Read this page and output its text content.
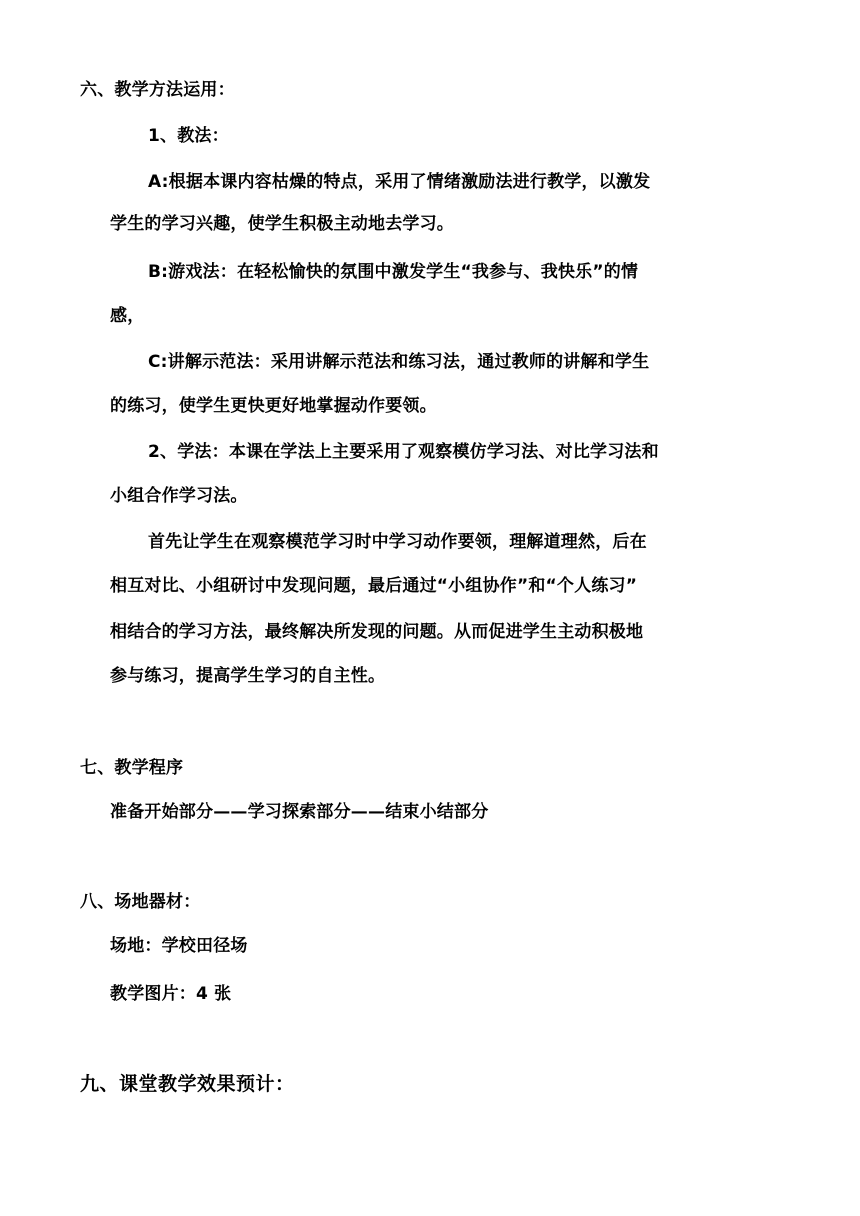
六、教学方法运用：
1、教法：
A:根据本课内容枯燥的特点，采用了情绪激励法进行教学，以激发
学生的学习兴趣，使学生积极主动地去学习。
B:游戏法：在轻松愉快的氛围中激发学生“我参与、我快乐”的情
感，
C:讲解示范法：采用讲解示范法和练习法，通过教师的讲解和学生
的练习，使学生更快更好地掌握动作要领。
2、学法：本课在学法上主要采用了观察模仿学习法、对比学习法和
小组合作学习法。
首先让学生在观察模范学习时中学习动作要领，理解道理然，后在
相互对比、小组研讨中发现问题，最后通过“小组协作”和“个人练习”
相结合的学习方法，最终解决所发现的问题。从而促进学生主动积极地
参与练习，提高学生学习的自主性。
七、教学程序
准备开始部分——学习探索部分——结束小结部分
八、场地器材：
场地：学校田径场
教学图片：4 张
九、课堂教学效果预计：
